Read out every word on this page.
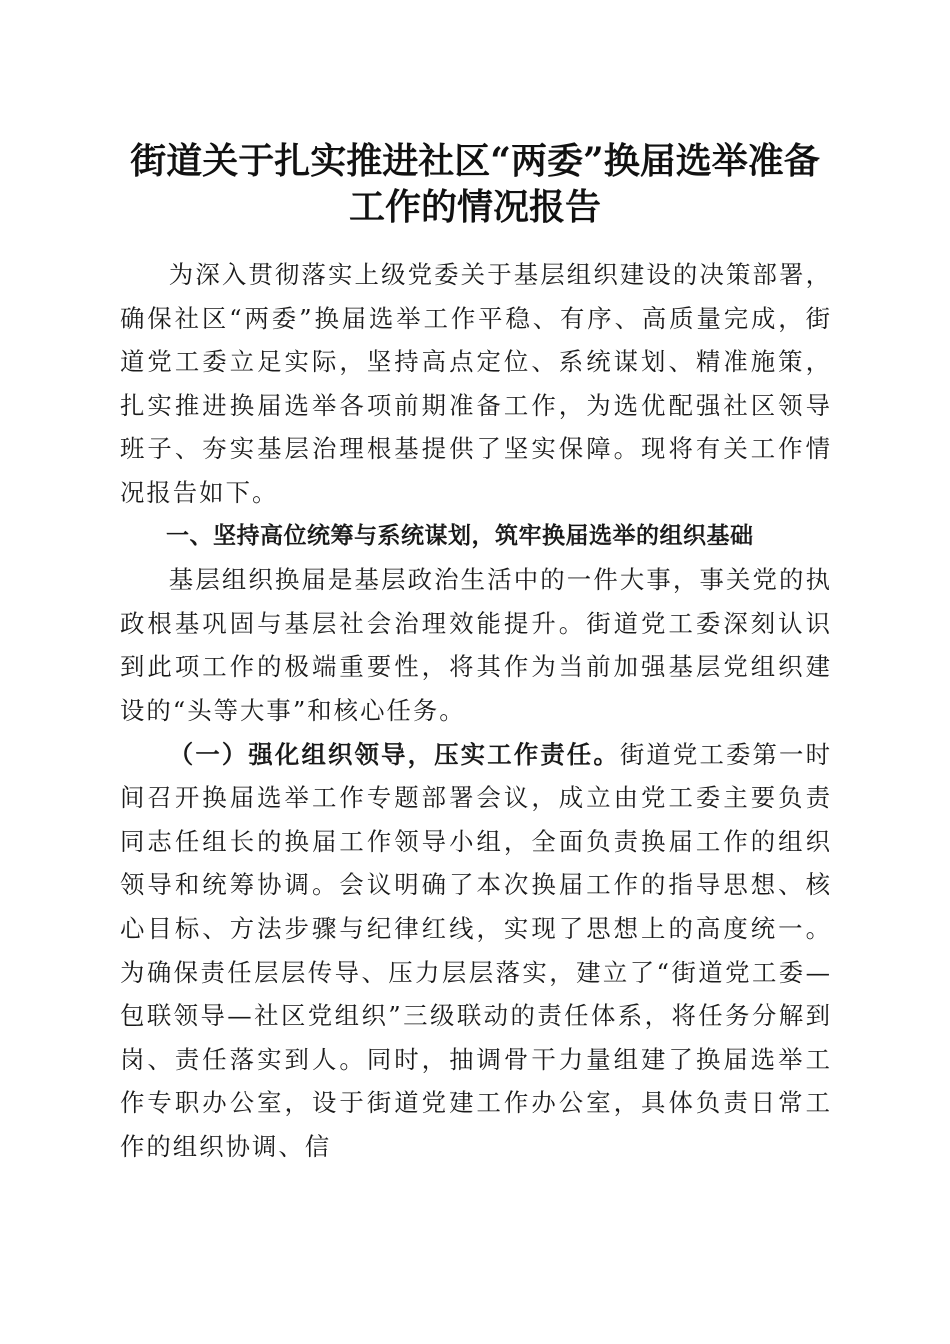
街道关于扎实推进社区“两委”换届选举准备
工作的情况报告

为深入贯彻落实上级党委关于基层组织建设的决策部署，确保社区“两委”换届选举工作平稳、有序、高质量完成，街道党工委立足实际，坚持高点定位、系统谋划、精准施策，扎实推进换届选举各项前期准备工作，为选优配强社区领导班子、夯实基层治理根基提供了坚实保障。现将有关工作情况报告如下。

一、坚持高位统筹与系统谋划，筑牢换届选举的组织基础

基层组织换届是基层政治生活中的一件大事，事关党的执政根基巩固与基层社会治理效能提升。街道党工委深刻认识到此项工作的极端重要性，将其作为当前加强基层党组织建设的“头等大事”和核心任务。

（一）强化组织领导，压实工作责任。街道党工委第一时间召开换届选举工作专题部署会议，成立由党工委主要负责同志任组长的换届工作领导小组，全面负责换届工作的组织领导和统筹协调。会议明确了本次换届工作的指导思想、核心目标、方法步骤与纪律红线，实现了思想上的高度统一。为确保责任层层传导、压力层层落实，建立了“街道党工委—包联领导—社区党组织”三级联动的责任体系，将任务分解到岗、责任落实到人。同时，抽调骨干力量组建了换届选举工作专职办公室，设于街道党建工作办公室，具体负责日常工作的组织协调、信
